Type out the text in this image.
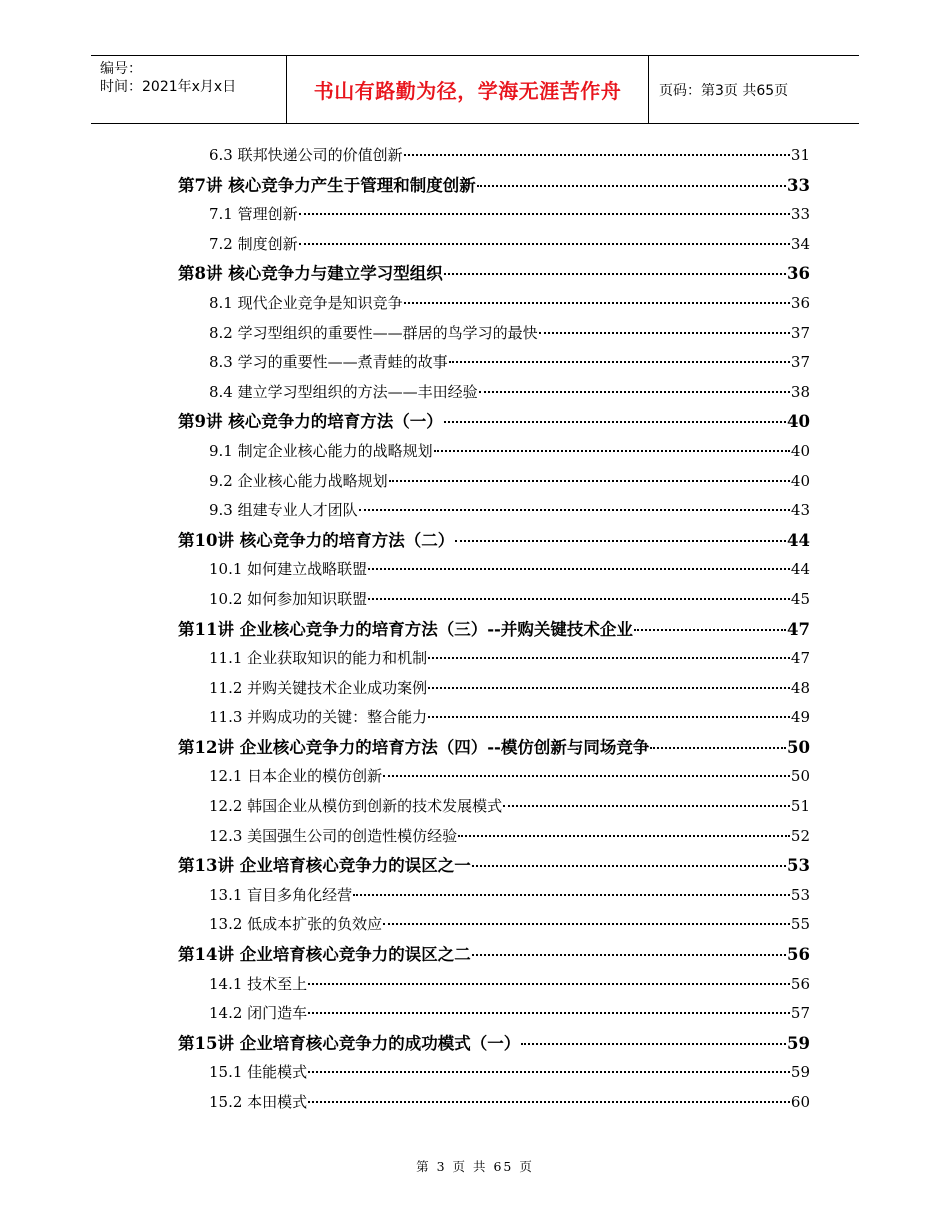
编号：
时间：2021年x月x日	书山有路勤为径，学海无涯苦作舟	页码：第3页 共65页
6.3 联邦快递公司的价值创新	31
第7讲 核心竞争力产生于管理和制度创新	33
7.1 管理创新	33
7.2 制度创新	34
第8讲 核心竞争力与建立学习型组织	36
8.1 现代企业竞争是知识竞争	36
8.2 学习型组织的重要性——群居的鸟学习的最快	37
8.3 学习的重要性——煮青蛙的故事	37
8.4 建立学习型组织的方法——丰田经验	38
第9讲 核心竞争力的培育方法（一）	40
9.1 制定企业核心能力的战略规划	40
9.2 企业核心能力战略规划	40
9.3 组建专业人才团队	43
第10讲 核心竞争力的培育方法（二）	44
10.1 如何建立战略联盟	44
10.2 如何参加知识联盟	45
第11讲 企业核心竞争力的培育方法（三）--并购关键技术企业	47
11.1 企业获取知识的能力和机制	47
11.2 并购关键技术企业成功案例	48
11.3 并购成功的关键：整合能力	49
第12讲 企业核心竞争力的培育方法（四）--模仿创新与同场竞争	50
12.1 日本企业的模仿创新	50
12.2 韩国企业从模仿到创新的技术发展模式	51
12.3 美国强生公司的创造性模仿经验	52
第13讲 企业培育核心竞争力的误区之一	53
13.1 盲目多角化经营	53
13.2 低成本扩张的负效应	55
第14讲 企业培育核心竞争力的误区之二	56
14.1 技术至上	56
14.2 闭门造车	57
第15讲 企业培育核心竞争力的成功模式（一）	59
15.1 佳能模式	59
15.2 本田模式	60
第 3 页 共 65 页
